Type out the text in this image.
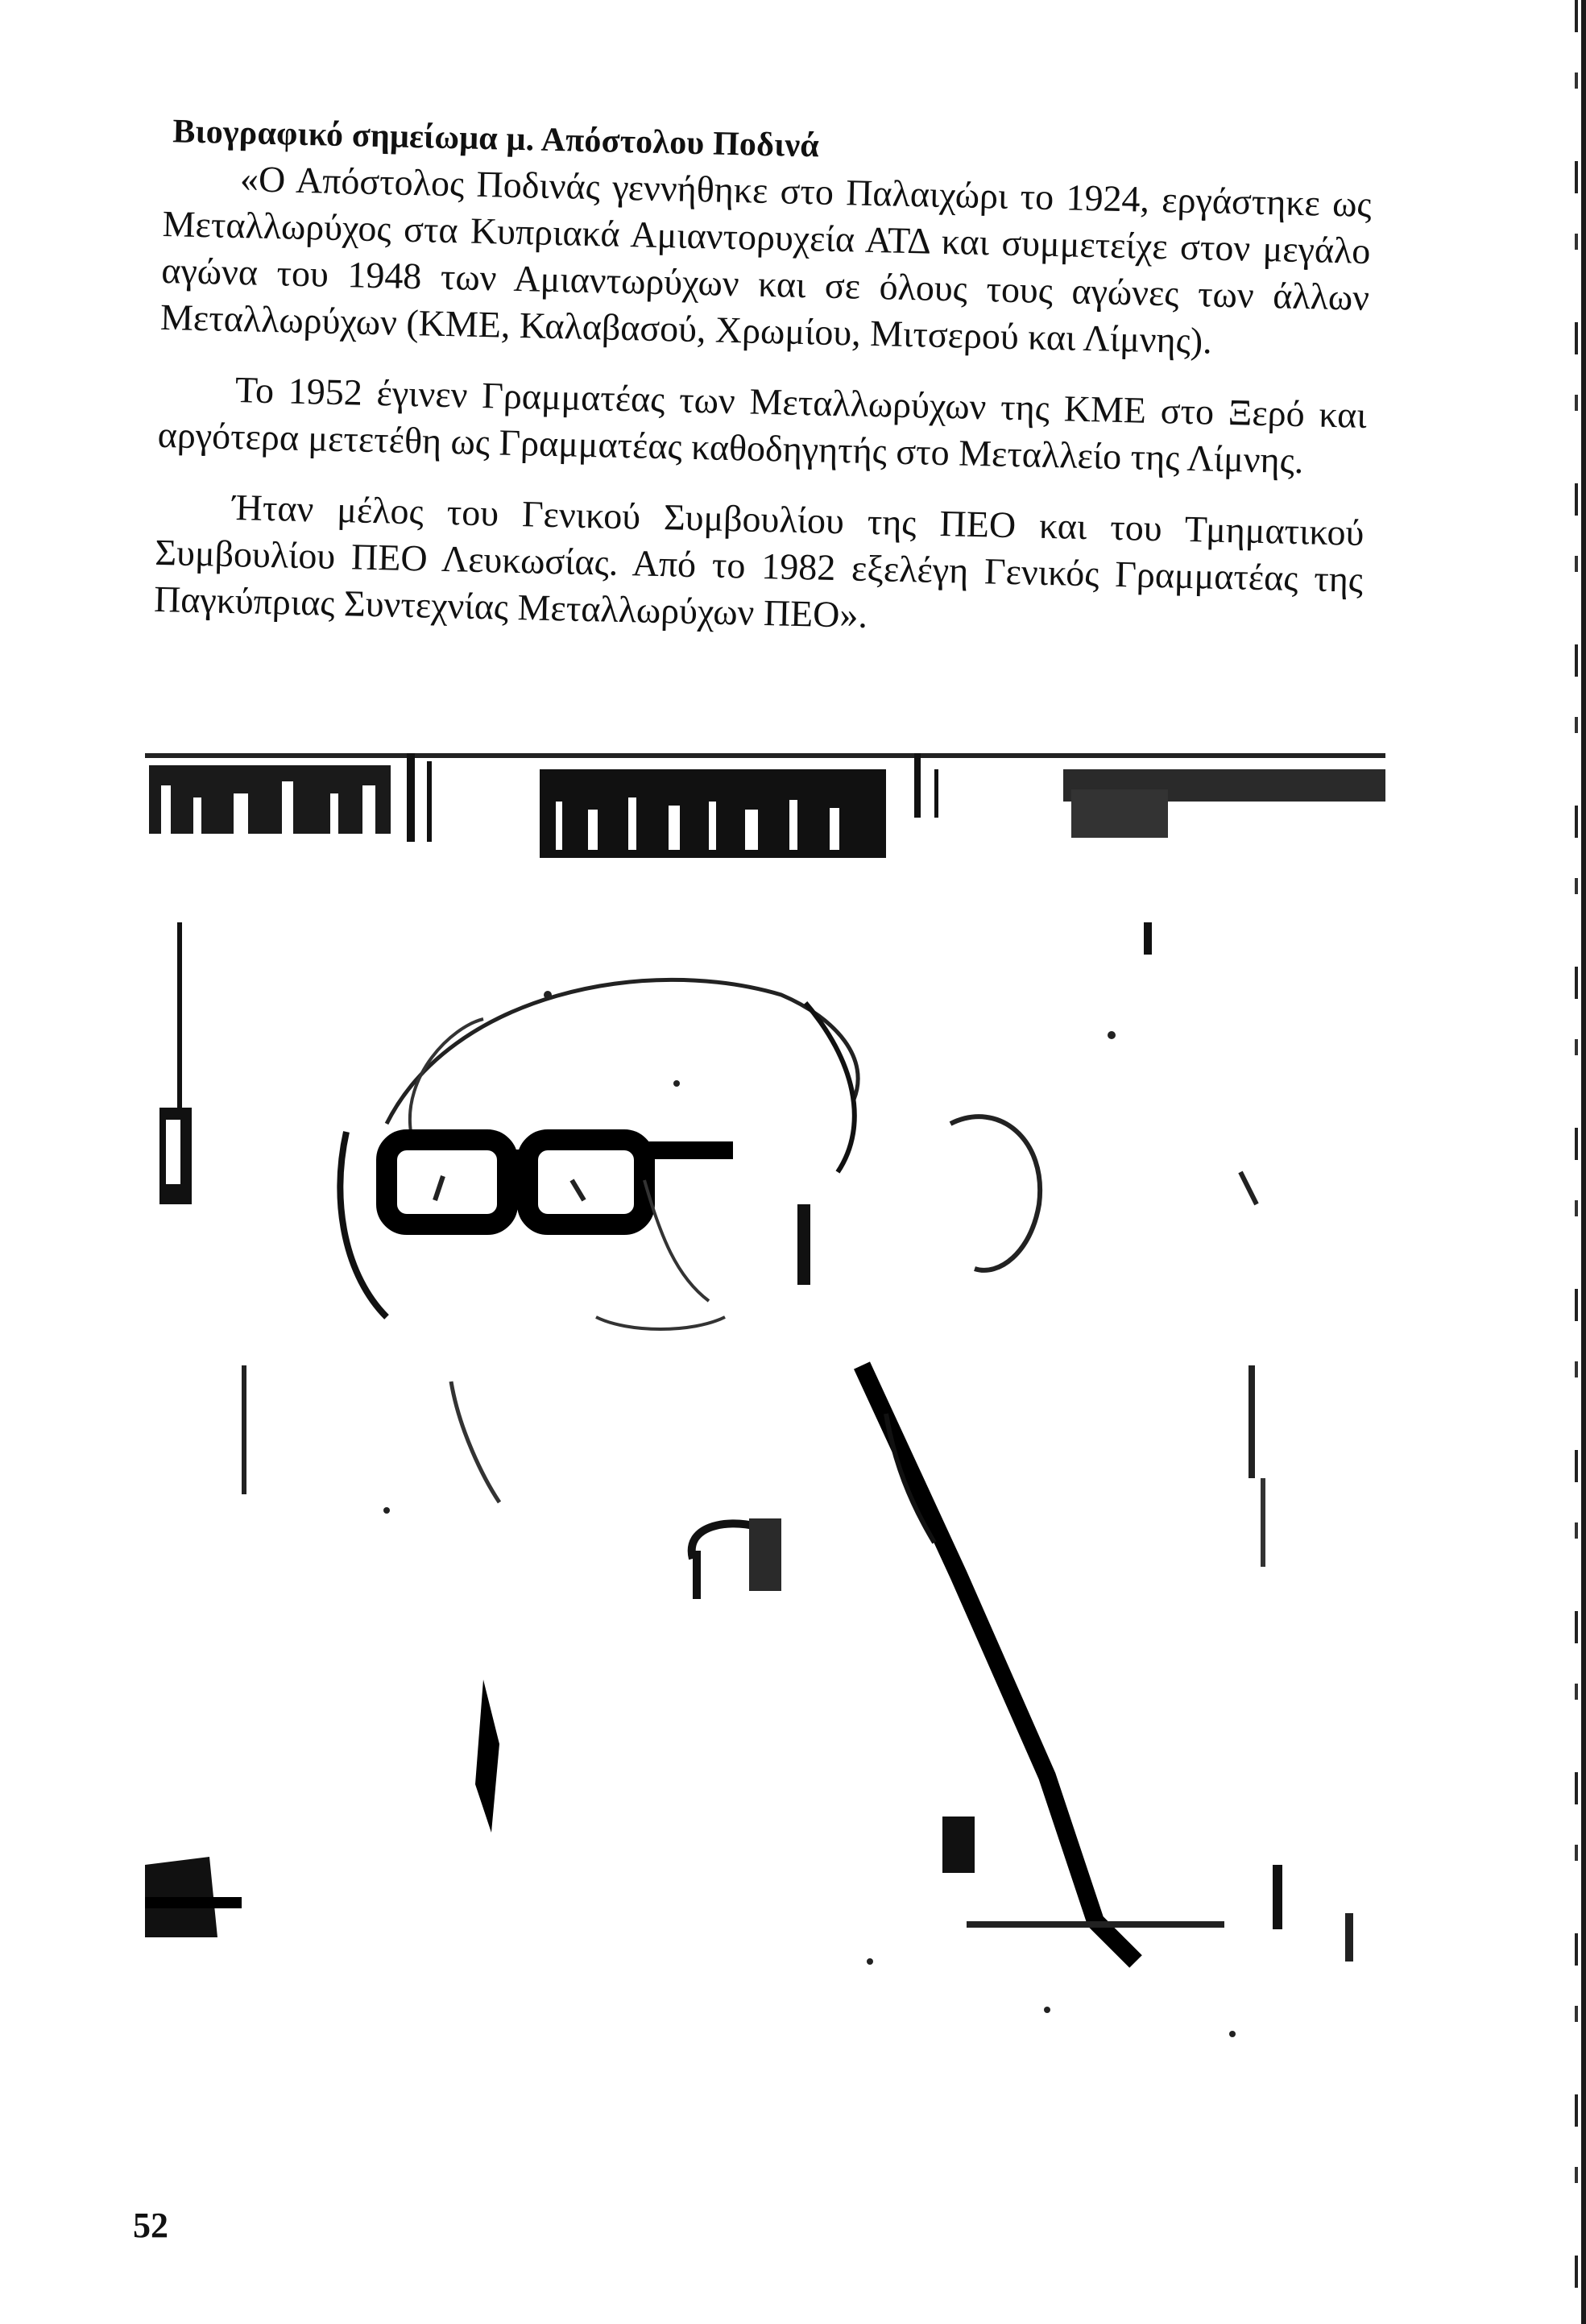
Βιογραφικό σημείωμα μ. Απόστολου Ποδινά

«Ο Απόστολος Ποδινάς γεννήθηκε στο Παλαιχώρι το 1924, εργάστηκε ως Μεταλλωρύχος στα Κυπριακά Αμιαντορυχεία ΑΤΔ και συμμετείχε στον μεγάλο αγώνα του 1948 των Αμιαντωρύχων και σε όλους τους αγώνες των άλλων Μεταλλωρύχων (ΚΜΕ, Καλαβασού, Χρωμίου, Μιτσερού και Λίμνης).

Το 1952 έγινεν Γραμματέας των Μεταλλωρύχων της ΚΜΕ στο Ξερό και αργότερα μετετέθη ως Γραμματέας καθοδηγητής στο Μεταλλείο της Λίμνης.

Ήταν μέλος του Γενικού Συμβουλίου της ΠΕΟ και του Τμηματικού Συμβουλίου ΠΕΟ Λευκωσίας. Από το 1982 εξελέγη Γενικός Γραμματέας της Παγκύπριας Συντεχνίας Μεταλλωρύχων ΠΕΟ».

52
